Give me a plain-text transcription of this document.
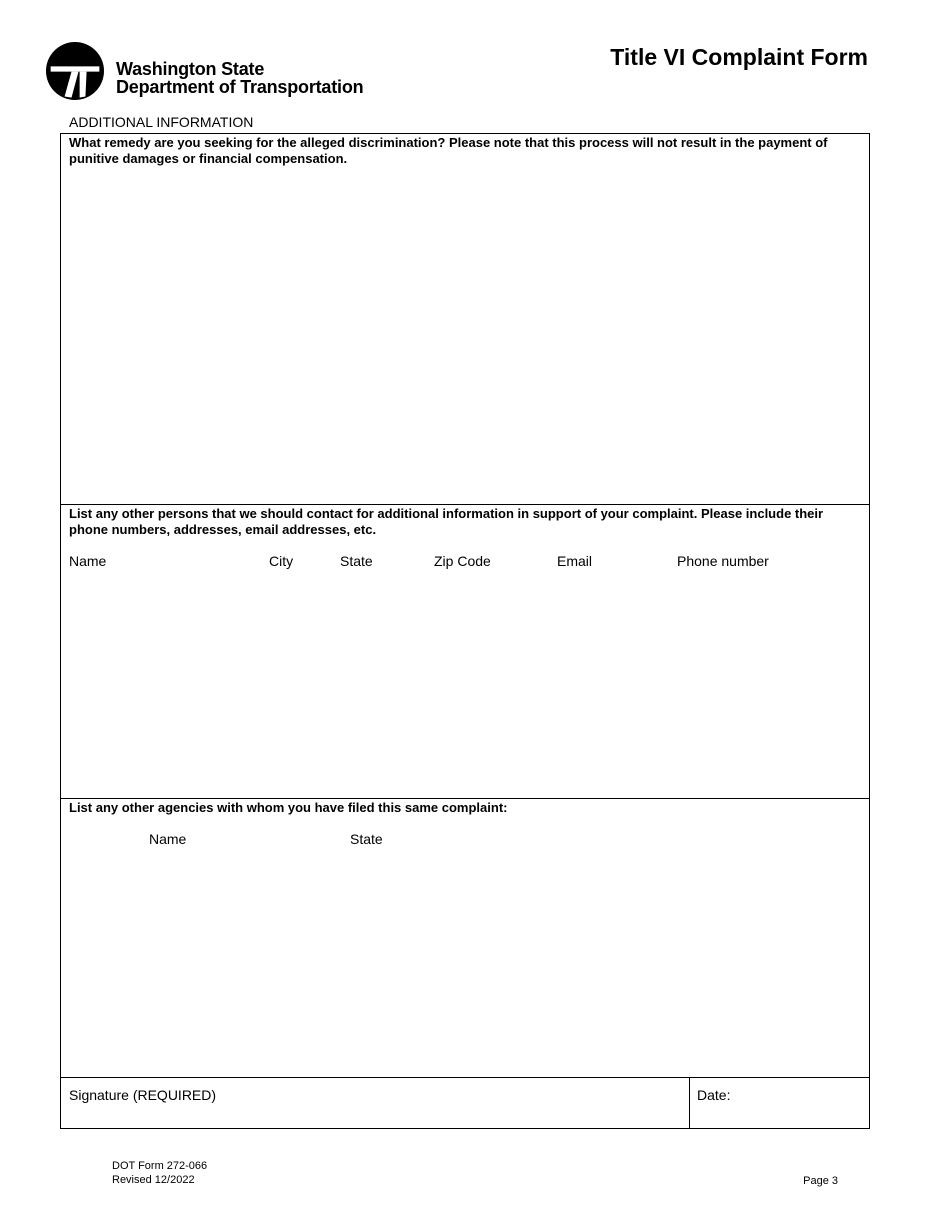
Washington State
Department of Transportation
Title VI Complaint Form
ADDITIONAL INFORMATION
What remedy are you seeking for the alleged discrimination? Please note that this process will not result in the payment of punitive damages or financial compensation.
List any other persons that we should contact for additional information in support of your complaint. Please include their phone numbers, addresses, email addresses, etc.
Name	City	State	Zip Code	Email	Phone number
List any other agencies with whom you have filed this same complaint:
Name	State
Signature (REQUIRED)	Date:
DOT Form 272-066
Revised 12/2022	Page 3
